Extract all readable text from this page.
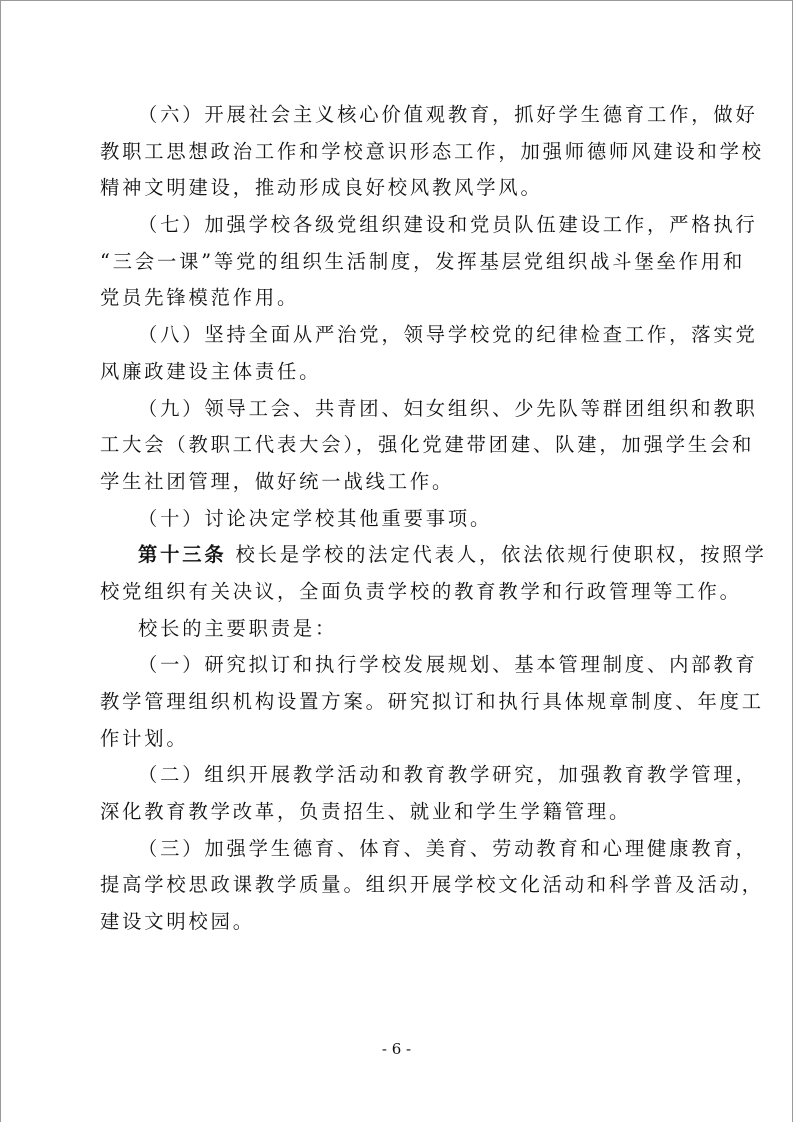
（六）开展社会主义核心价值观教育，抓好学生德育工作，做好
教职工思想政治工作和学校意识形态工作，加强师德师风建设和学校
精神文明建设，推动形成良好校风教风学风。
（七）加强学校各级党组织建设和党员队伍建设工作，严格执行
“三会一课”等党的组织生活制度，发挥基层党组织战斗堡垒作用和
党员先锋模范作用。
（八）坚持全面从严治党，领导学校党的纪律检查工作，落实党
风廉政建设主体责任。
（九）领导工会、共青团、妇女组织、少先队等群团组织和教职
工大会（教职工代表大会），强化党建带团建、队建，加强学生会和
学生社团管理，做好统一战线工作。
（十）讨论决定学校其他重要事项。
第十三条 校长是学校的法定代表人，依法依规行使职权，按照学
校党组织有关决议，全面负责学校的教育教学和行政管理等工作。
校长的主要职责是：
（一）研究拟订和执行学校发展规划、基本管理制度、内部教育
教学管理组织机构设置方案。研究拟订和执行具体规章制度、年度工
作计划。
（二）组织开展教学活动和教育教学研究，加强教育教学管理，
深化教育教学改革，负责招生、就业和学生学籍管理。
（三）加强学生德育、体育、美育、劳动教育和心理健康教育，
提高学校思政课教学质量。组织开展学校文化活动和科学普及活动，
建设文明校园。
- 6 -
